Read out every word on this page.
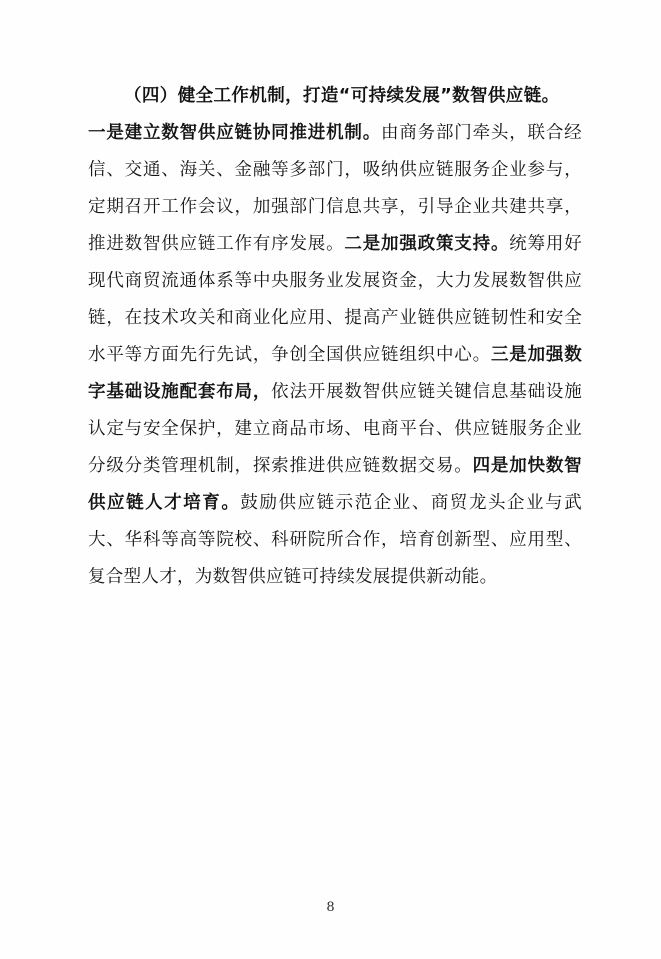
（四）健全工作机制，打造“可持续发展”数智供应链。

一是建立数智供应链协同推进机制。由商务部门牵头，联合经信、交通、海关、金融等多部门，吸纳供应链服务企业参与，定期召开工作会议，加强部门信息共享，引导企业共建共享，推进数智供应链工作有序发展。二是加强政策支持。统筹用好现代商贸流通体系等中央服务业发展资金，大力发展数智供应链，在技术攻关和商业化应用、提高产业链供应链韧性和安全水平等方面先行先试，争创全国供应链组织中心。三是加强数字基础设施配套布局，依法开展数智供应链关键信息基础设施认定与安全保护，建立商品市场、电商平台、供应链服务企业分级分类管理机制，探索推进供应链数据交易。四是加快数智供应链人才培育。鼓励供应链示范企业、商贸龙头企业与武大、华科等高等院校、科研院所合作，培育创新型、应用型、复合型人才，为数智供应链可持续发展提供新动能。

8
